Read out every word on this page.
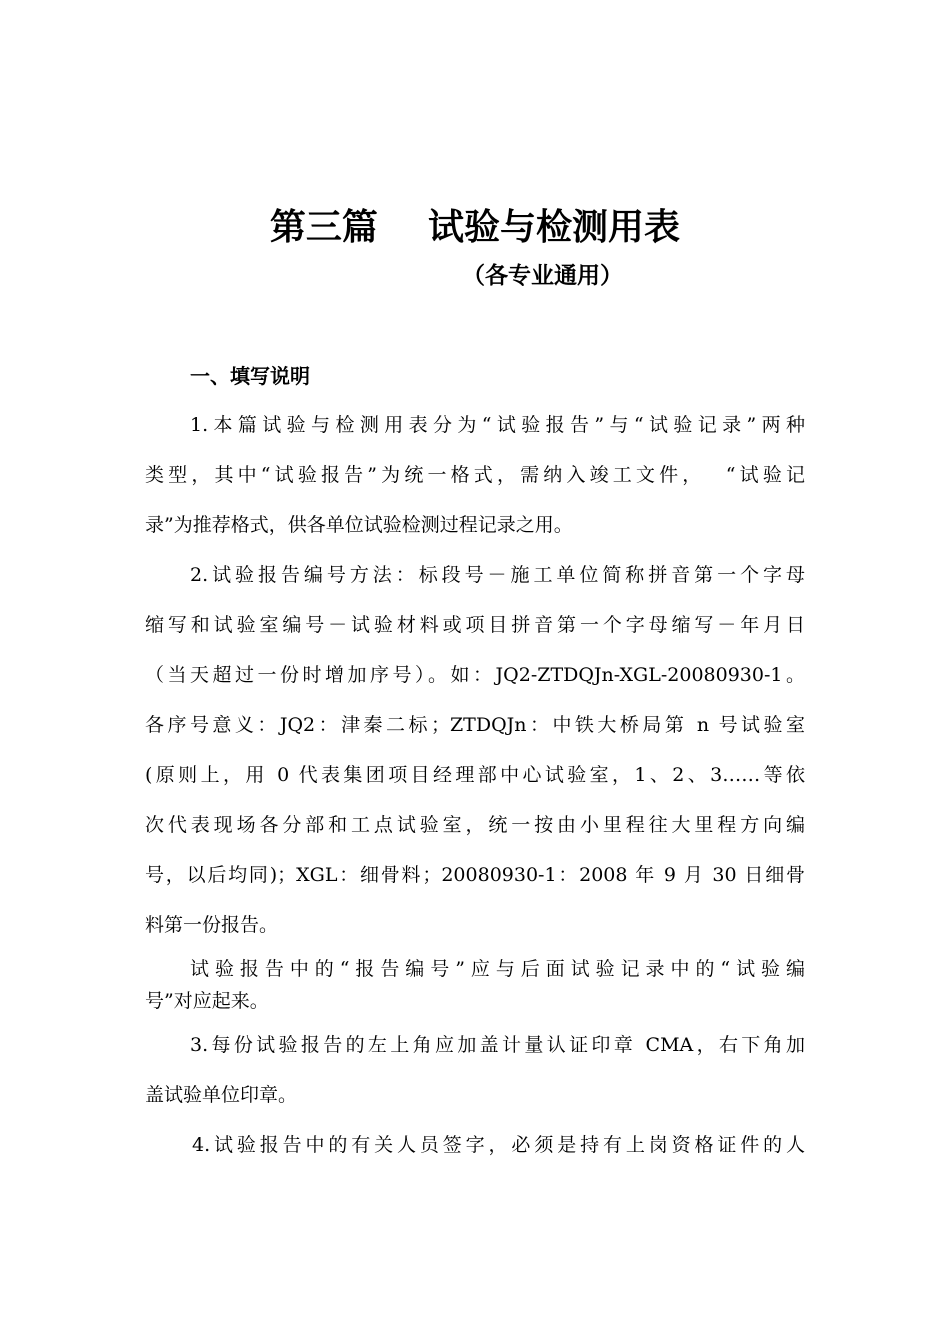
第三篇    试验与检测用表
（各专业通用）
一、填写说明
1.本篇试验与检测用表分为“试验报告”与“试验记录”两种
类型，其中“试验报告”为统一格式，需纳入竣工文件，  “试验记
录”为推荐格式，供各单位试验检测过程记录之用。
2.试验报告编号方法：标段号－施工单位简称拼音第一个字母
缩写和试验室编号－试验材料或项目拼音第一个字母缩写－年月日
（当天超过一份时增加序号）。如：JQ2-ZTDQJn-XGL-20080930-1。
各序号意义：JQ2：津秦二标；ZTDQJn：中铁大桥局第 n 号试验室
(原则上，用 0 代表集团项目经理部中心试验室，1、2、3……等依
次代表现场各分部和工点试验室，统一按由小里程往大里程方向编
号，以后均同)；XGL：细骨料；20080930-1：2008 年 9 月 30 日细骨
料第一份报告。
试验报告中的“报告编号”应与后面试验记录中的“试验编
号”对应起来。
3.每份试验报告的左上角应加盖计量认证印章 CMA，右下角加
盖试验单位印章。
4.试验报告中的有关人员签字，必须是持有上岗资格证件的人
